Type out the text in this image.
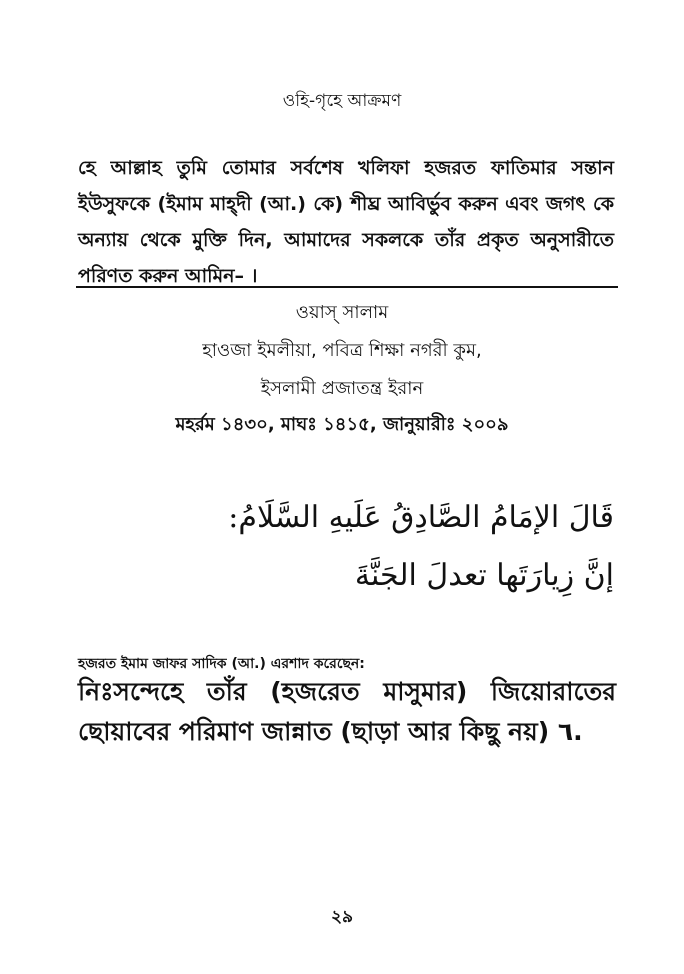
ওহি-গৃহে আক্রমণ
হে আল্লাহ তুমি তোমার সর্বশেষ খলিফা হজরত ফাতিমার সন্তান ইউসুফকে (ইমাম মাহ্দী (আ.) কে) শীঘ্র আবির্ভুব করুন এবং জগৎ কে অন্যায় থেকে মুক্তি দিন, আমাদের সকলকে তাঁর প্রকৃত অনুসারীতে পরিণত করুন আমিন– ।
ওয়াস্ সালাম
হাওজা ইমলীয়া, পবিত্র শিক্ষা নগরী কুম,
ইসলামী প্রজাতন্ত্র ইরান
মহর্রম ১৪৩০, মাঘঃ ১৪১৫, জানুয়ারীঃ ২০০৯
قَالَ الإمَامُ الصَّادِقُ عَلَيهِ السَّلَامُ:
إنَّ زِيارَتَها تعدلَ الجَنَّةَ
হজরত ইমাম জাফর সাদিক (আ.) এরশাদ করেছেন:
নিঃসন্দেহে তাঁর (হজরেত মাসুমার) জিয়োরাতের ছোয়াবের পরিমাণ জান্নাত (ছাড়া আর কিছু নয়) ٦.
২৯
